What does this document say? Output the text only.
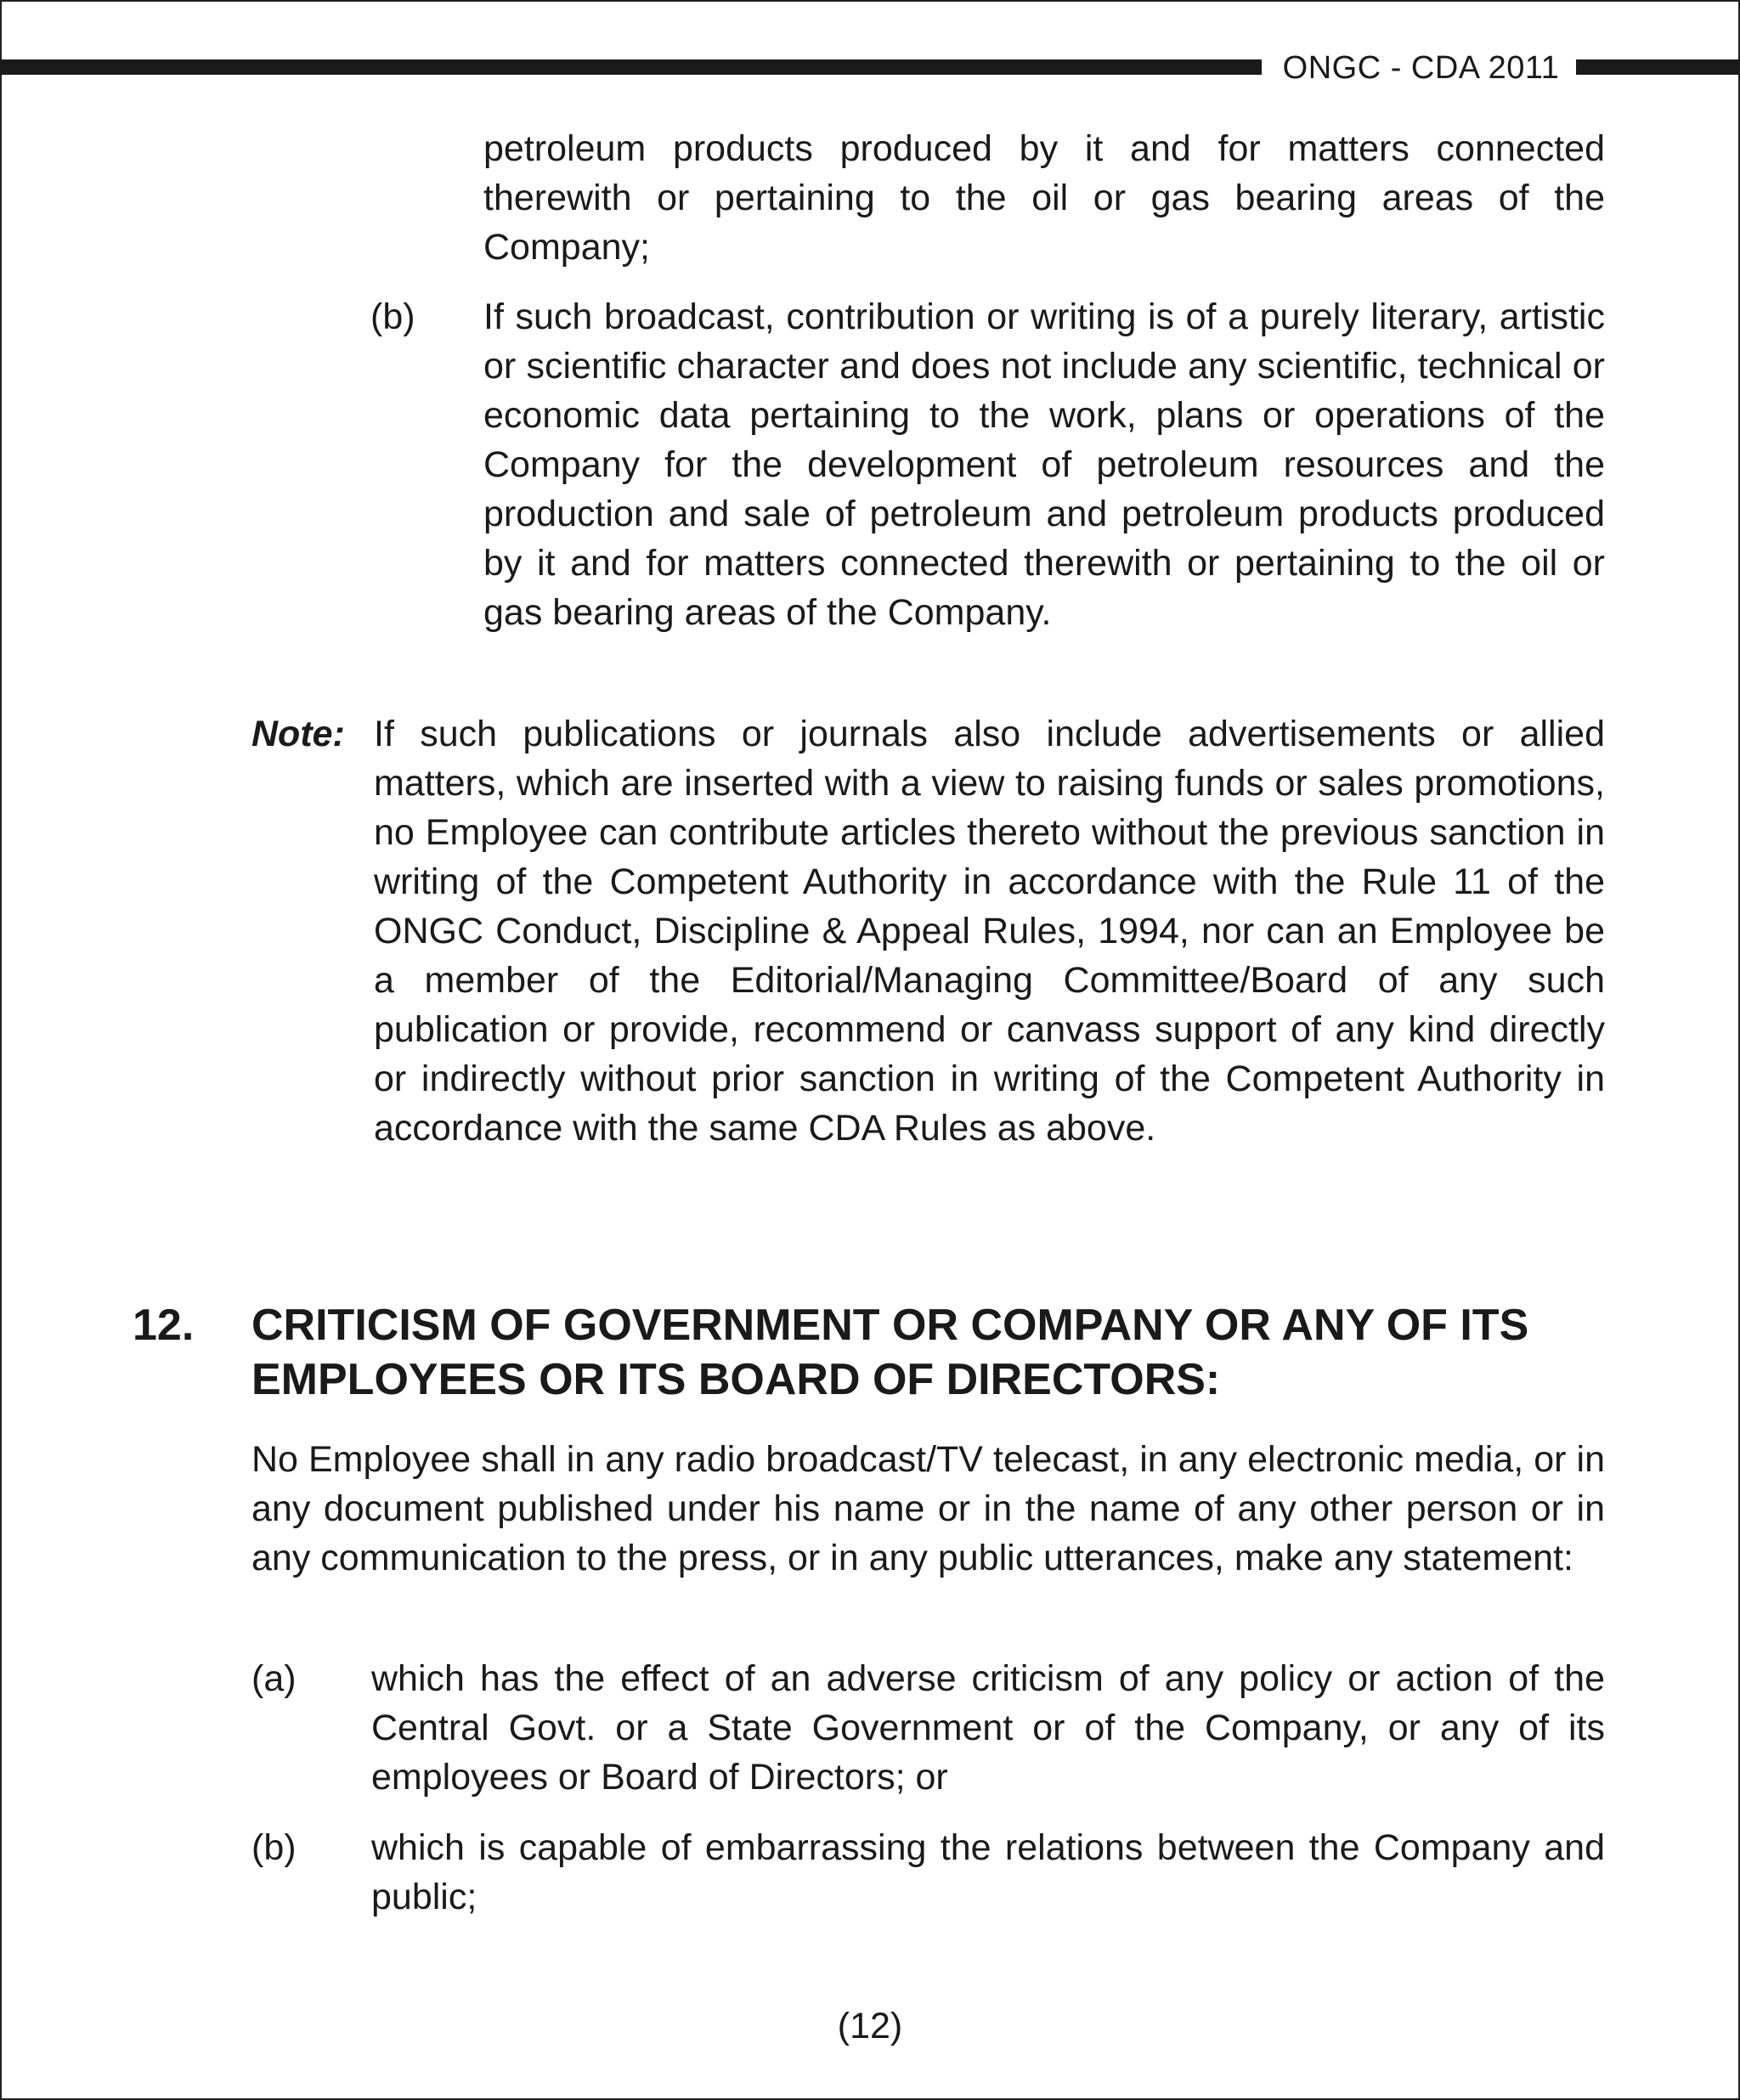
ONGC - CDA 2011
petroleum products produced by it and for matters connected therewith or pertaining to the oil or gas bearing areas of the Company;
(b) If such broadcast, contribution or writing is of a purely literary, artistic or scientific character and does not include any scientific, technical or economic data pertaining to the work, plans or operations of the Company for the development of petroleum resources and the production and sale of petroleum and petroleum products produced by it and for matters connected therewith or pertaining to the oil or gas bearing areas of the Company.
Note: If such publications or journals also include advertisements or allied matters, which are inserted with a view to raising funds or sales promotions, no Employee can contribute articles thereto without the previous sanction in writing of the Competent Authority in accordance with the Rule 11 of the ONGC Conduct, Discipline & Appeal Rules, 1994, nor can an Employee be a member of the Editorial/Managing Committee/Board of any such publication or provide, recommend or canvass support of any kind directly or indirectly without prior sanction in writing of the Competent Authority in accordance with the same CDA Rules as above.
12. CRITICISM OF GOVERNMENT OR COMPANY OR ANY OF ITS
EMPLOYEES OR ITS BOARD OF DIRECTORS:
No Employee shall in any radio broadcast/TV telecast, in any electronic media, or in any document published under his name or in the name of any other person or in any communication to the press, or in any public utterances, make any statement:
(a) which has the effect of an adverse criticism of any policy or action of the Central Govt. or a State Government or of the Company, or any of its employees or Board of Directors; or
(b) which is capable of embarrassing the relations between the Company and public;
(12)
